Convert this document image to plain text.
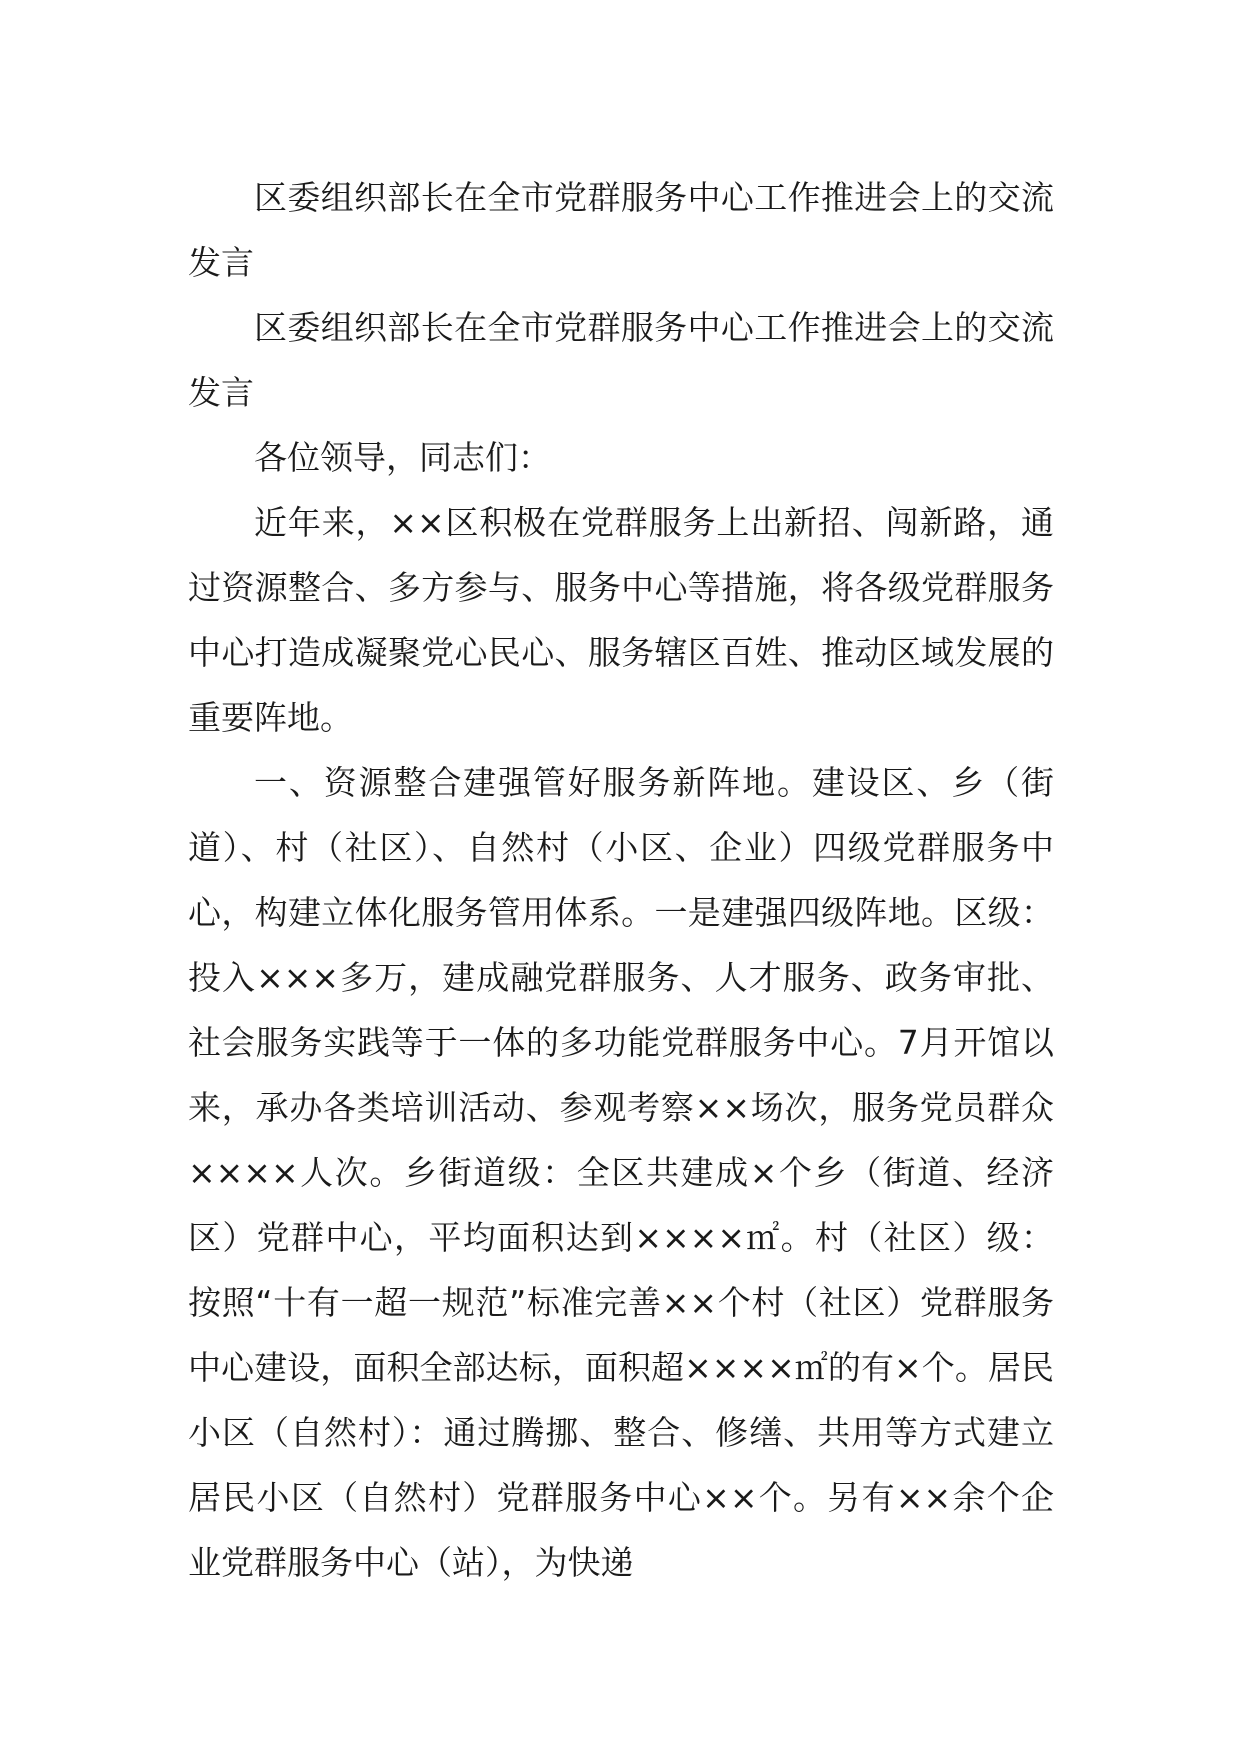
区委组织部长在全市党群服务中心工作推进会上的交流发言

区委组织部长在全市党群服务中心工作推进会上的交流发言

各位领导，同志们：

近年来，××区积极在党群服务上出新招、闯新路，通过资源整合、多方参与、服务中心等措施，将各级党群服务中心打造成凝聚党心民心、服务辖区百姓、推动区域发展的重要阵地。

一、资源整合建强管好服务新阵地。建设区、乡（街道）、村（社区）、自然村（小区、企业）四级党群服务中心，构建立体化服务管用体系。一是建强四级阵地。区级：投入×××多万，建成融党群服务、人才服务、政务审批、社会服务实践等于一体的多功能党群服务中心。7月开馆以来，承办各类培训活动、参观考察××场次，服务党员群众××××人次。乡街道级：全区共建成×个乡（街道、经济区）党群中心，平均面积达到××××㎡。村（社区）级：按照“十有一超一规范”标准完善××个村（社区）党群服务中心建设，面积全部达标，面积超××××㎡的有×个。居民小区（自然村）：通过腾挪、整合、修缮、共用等方式建立居民小区（自然村）党群服务中心××个。另有××余个企业党群服务中心（站），为快递
